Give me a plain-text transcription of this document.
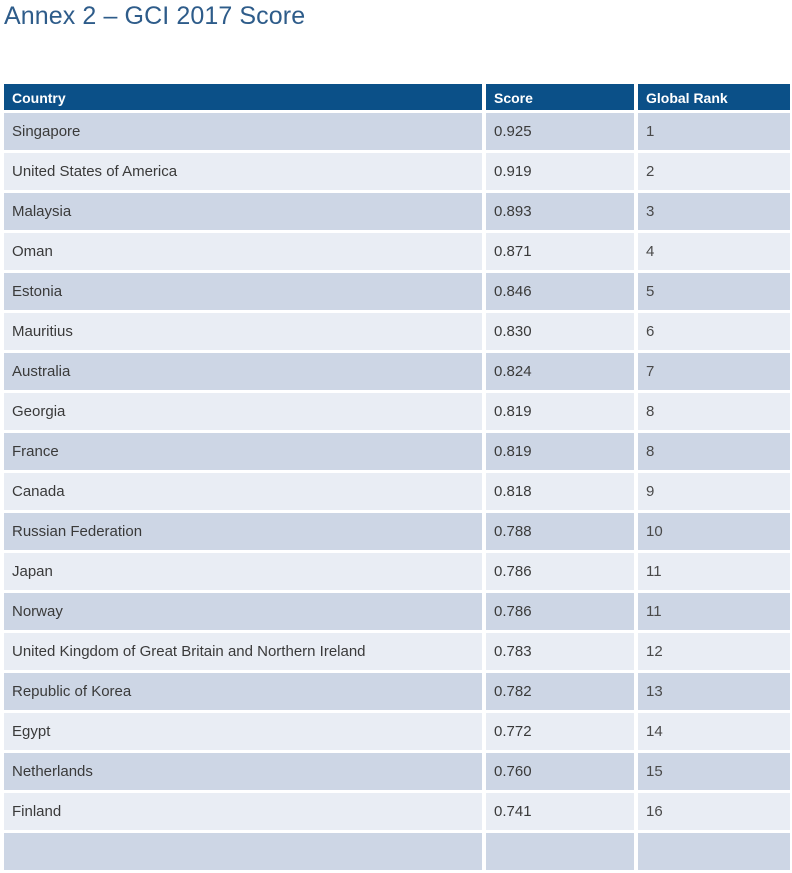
Annex 2 – GCI 2017 Score
Country	Score	Global Rank
Singapore	0.925	1
United States of America	0.919	2
Malaysia	0.893	3
Oman	0.871	4
Estonia	0.846	5
Mauritius	0.830	6
Australia	0.824	7
Georgia	0.819	8
France	0.819	8
Canada	0.818	9
Russian Federation	0.788	10
Japan	0.786	11
Norway	0.786	11
United Kingdom of Great Britain and Northern Ireland	0.783	12
Republic of Korea	0.782	13
Egypt	0.772	14
Netherlands	0.760	15
Finland	0.741	16
